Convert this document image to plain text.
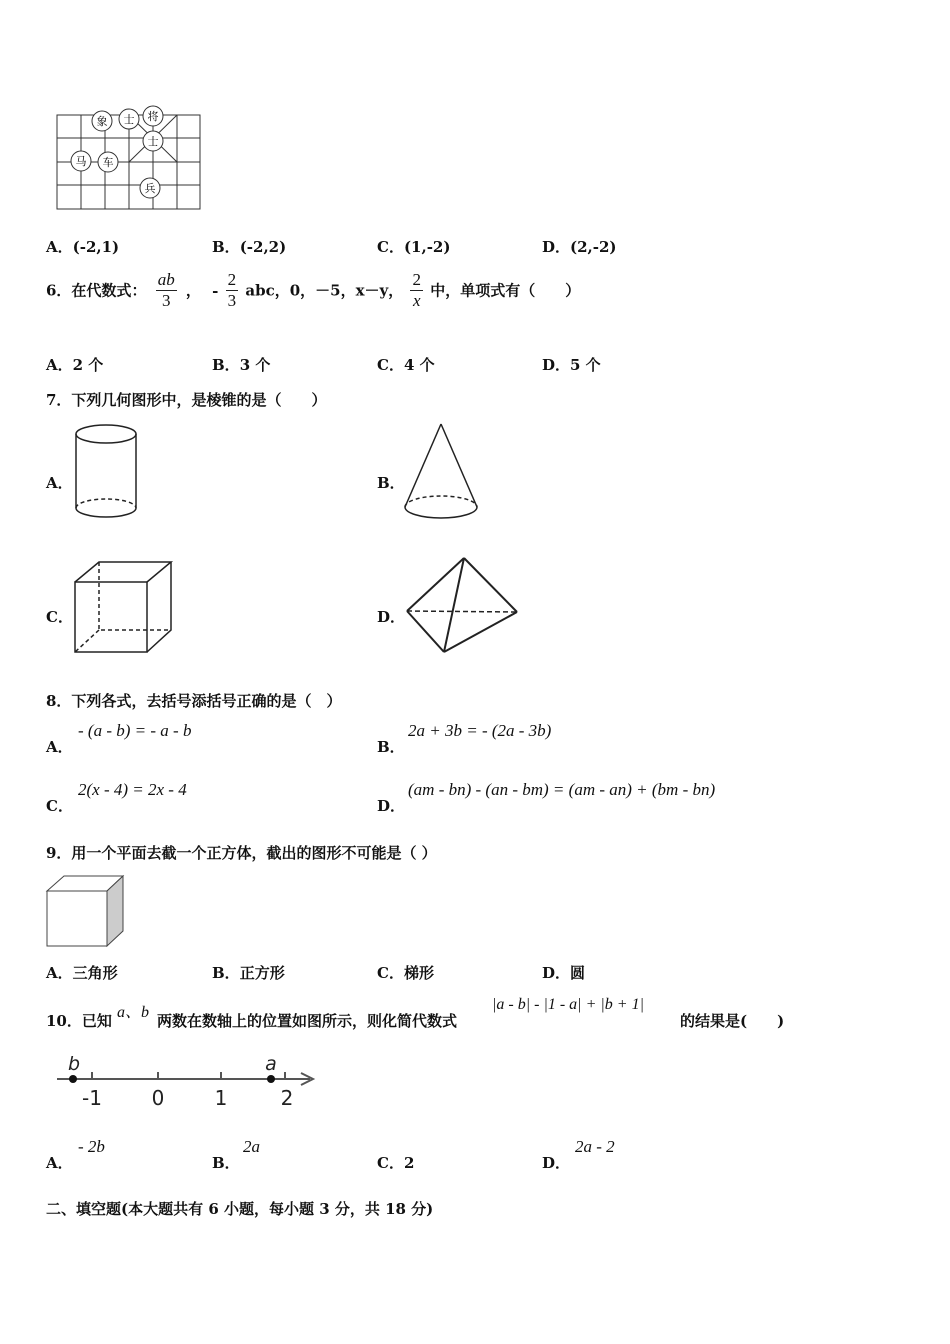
象 士 将
士
马 车
兵
A．(-2,1)	B．(-2,2)	C．(1,-2)	D．(2,-2)
6．在代数式： $\frac{ab}{3}$ ， - $\frac{2}{3}$ abc，0，－5，x－y， $\frac{2}{x}$ 中，单项式有（　　）
A．2 个	B．3 个	C．4 个	D．5 个
7．下列几何图形中，是棱锥的是（　　）
A．	B．
C．	D．
8．下列各式，去括号添括号正确的是（　）
A．
- (a - b) = - a - b
B．
2a + 3b = - (2a - 3b)
C．
2(x - 4) = 2x - 4
D．
(am - bn) - (an - bm) = (am - an) + (bm - bn)
9．用一个平面去截一个正方体，截出的图形不可能是（ ）
A．三角形	B．正方形	C．梯形	D．圆
10．已知 a、b 两数在数轴上的位置如图所示，则化简代数式
|a - b| - |1 - a| + |b + 1|
的结果是(　　)
b	a
-1 0	1	2
A．
- 2b
B．
2a
C．2	D．
2a - 2
二、填空题(本大题共有 6 小题，每小题 3 分，共 18 分)
